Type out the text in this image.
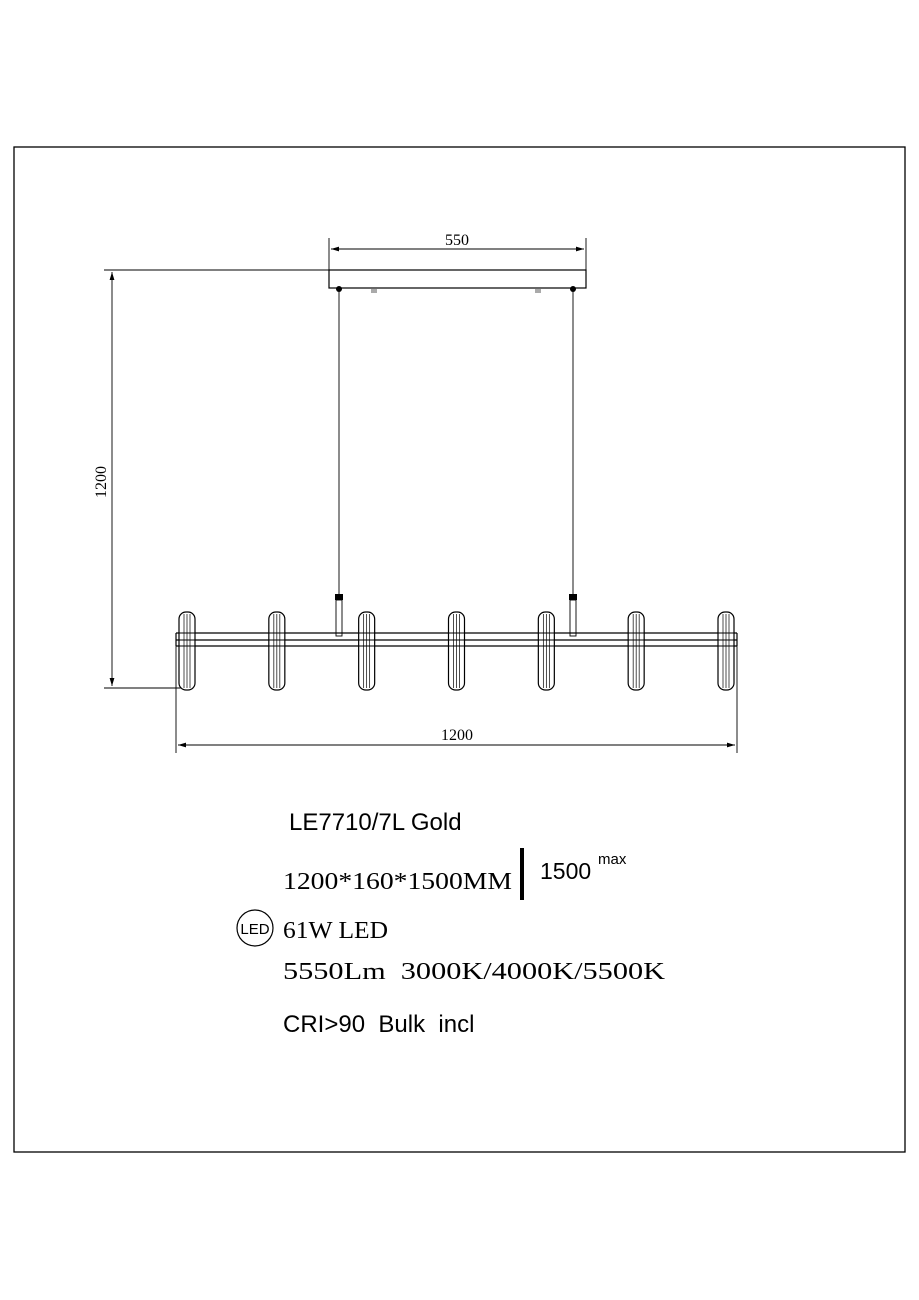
550
1200
1200
LE7710/7L Gold
1200*160*1500MM 1500 max
LED 61W LED
5550Lm  3000K/4000K/5500K
CRI>90  Bulk  incl
